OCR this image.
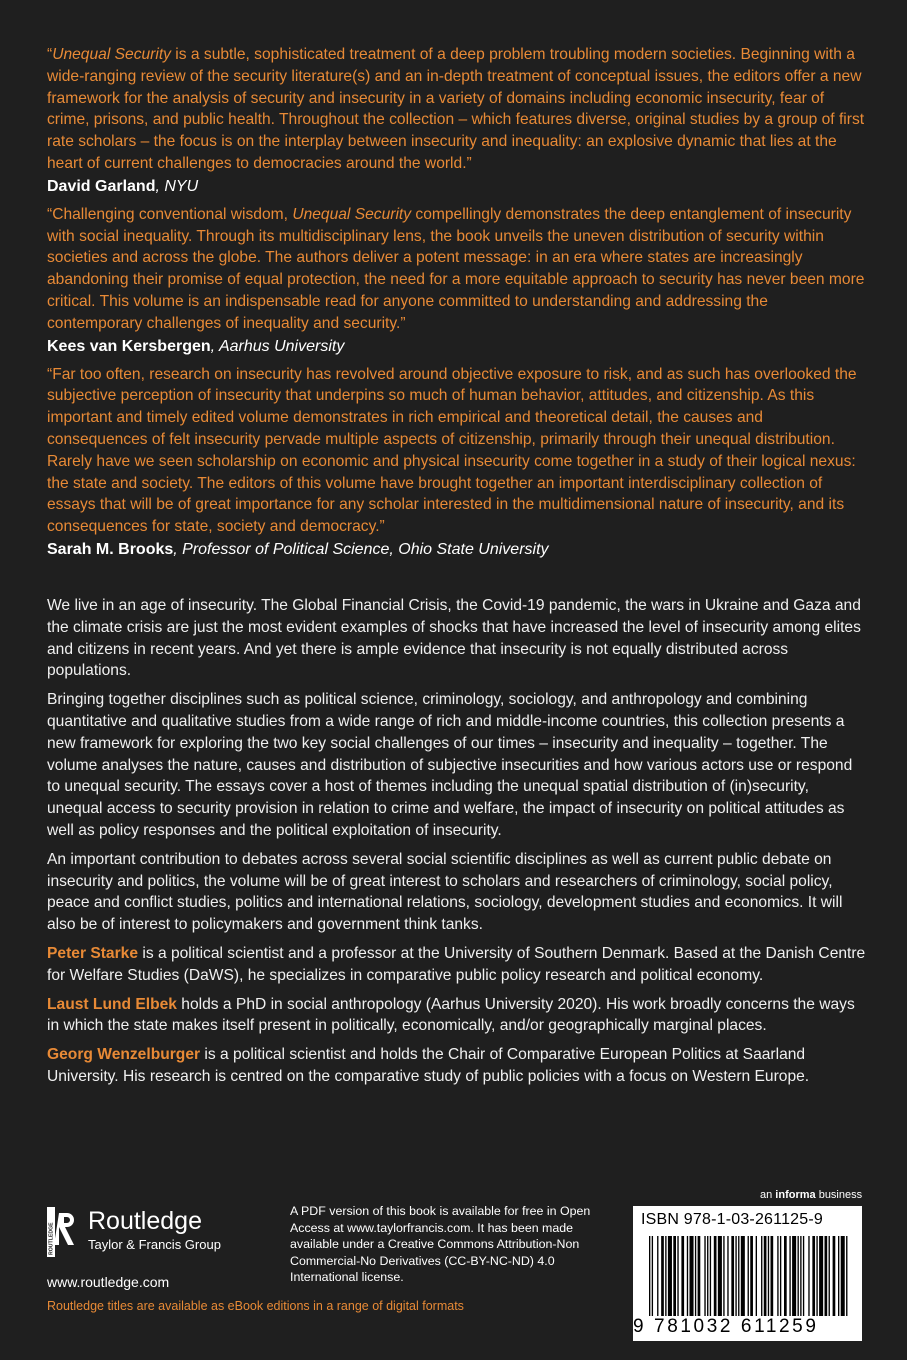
“Unequal Security is a subtle, sophisticated treatment of a deep problem troubling modern societies. Beginning with a wide-ranging review of the security literature(s) and an in-depth treatment of conceptual issues, the editors offer a new framework for the analysis of security and insecurity in a variety of domains including economic insecurity, fear of crime, prisons, and public health. Throughout the collection – which features diverse, original studies by a group of first rate scholars – the focus is on the interplay between insecurity and inequality: an explosive dynamic that lies at the heart of current challenges to democracies around the world.”

David Garland, NYU

“Challenging conventional wisdom, Unequal Security compellingly demonstrates the deep entanglement of insecurity with social inequality. Through its multidisciplinary lens, the book unveils the uneven distribution of security within societies and across the globe. The authors deliver a potent message: in an era where states are increasingly abandoning their promise of equal protection, the need for a more equitable approach to security has never been more critical. This volume is an indispensable read for anyone committed to understanding and addressing the contemporary challenges of inequality and security.”

Kees van Kersbergen, Aarhus University

“Far too often, research on insecurity has revolved around objective exposure to risk, and as such has overlooked the subjective perception of insecurity that underpins so much of human behavior, attitudes, and citizenship. As this important and timely edited volume demonstrates in rich empirical and theoretical detail, the causes and consequences of felt insecurity pervade multiple aspects of citizenship, primarily through their unequal distribution. Rarely have we seen scholarship on economic and physical insecurity come together in a study of their logical nexus: the state and society. The editors of this volume have brought together an important interdisciplinary collection of essays that will be of great importance for any scholar interested in the multidimensional nature of insecurity, and its consequences for state, society and democracy.”

Sarah M. Brooks, Professor of Political Science, Ohio State University

We live in an age of insecurity. The Global Financial Crisis, the Covid-19 pandemic, the wars in Ukraine and Gaza and the climate crisis are just the most evident examples of shocks that have increased the level of insecurity among elites and citizens in recent years. And yet there is ample evidence that insecurity is not equally distributed across populations.

Bringing together disciplines such as political science, criminology, sociology, and anthropology and combining quantitative and qualitative studies from a wide range of rich and middle-income countries, this collection presents a new framework for exploring the two key social challenges of our times – insecurity and inequality – together. The volume analyses the nature, causes and distribution of subjective insecurities and how various actors use or respond to unequal security. The essays cover a host of themes including the unequal spatial distribution of (in)security, unequal access to security provision in relation to crime and welfare, the impact of insecurity on political attitudes as well as policy responses and the political exploitation of insecurity.

An important contribution to debates across several social scientific disciplines as well as current public debate on insecurity and politics, the volume will be of great interest to scholars and researchers of criminology, social policy, peace and conflict studies, politics and international relations, sociology, development studies and economics. It will also be of interest to policymakers and government think tanks.

Peter Starke is a political scientist and a professor at the University of Southern Denmark. Based at the Danish Centre for Welfare Studies (DaWS), he specializes in comparative public policy research and political economy.

Laust Lund Elbek holds a PhD in social anthropology (Aarhus University 2020). His work broadly concerns the ways in which the state makes itself present in politically, economically, and/or geographically marginal places.

Georg Wenzelburger is a political scientist and holds the Chair of Comparative European Politics at Saarland University. His research is centred on the comparative study of public policies with a focus on Western Europe.

ROUTLEDGE
Routledge
Taylor & Francis Group
www.routledge.com
Routledge titles are available as eBook editions in a range of digital formats
A PDF version of this book is available for free in Open Access at www.taylorfrancis.com. It has been made available under a Creative Commons Attribution-Non Commercial-No Derivatives (CC-BY-NC-ND) 4.0 International license.
an informa business
ISBN 978-1-03-261125-9
9 781032 611259
